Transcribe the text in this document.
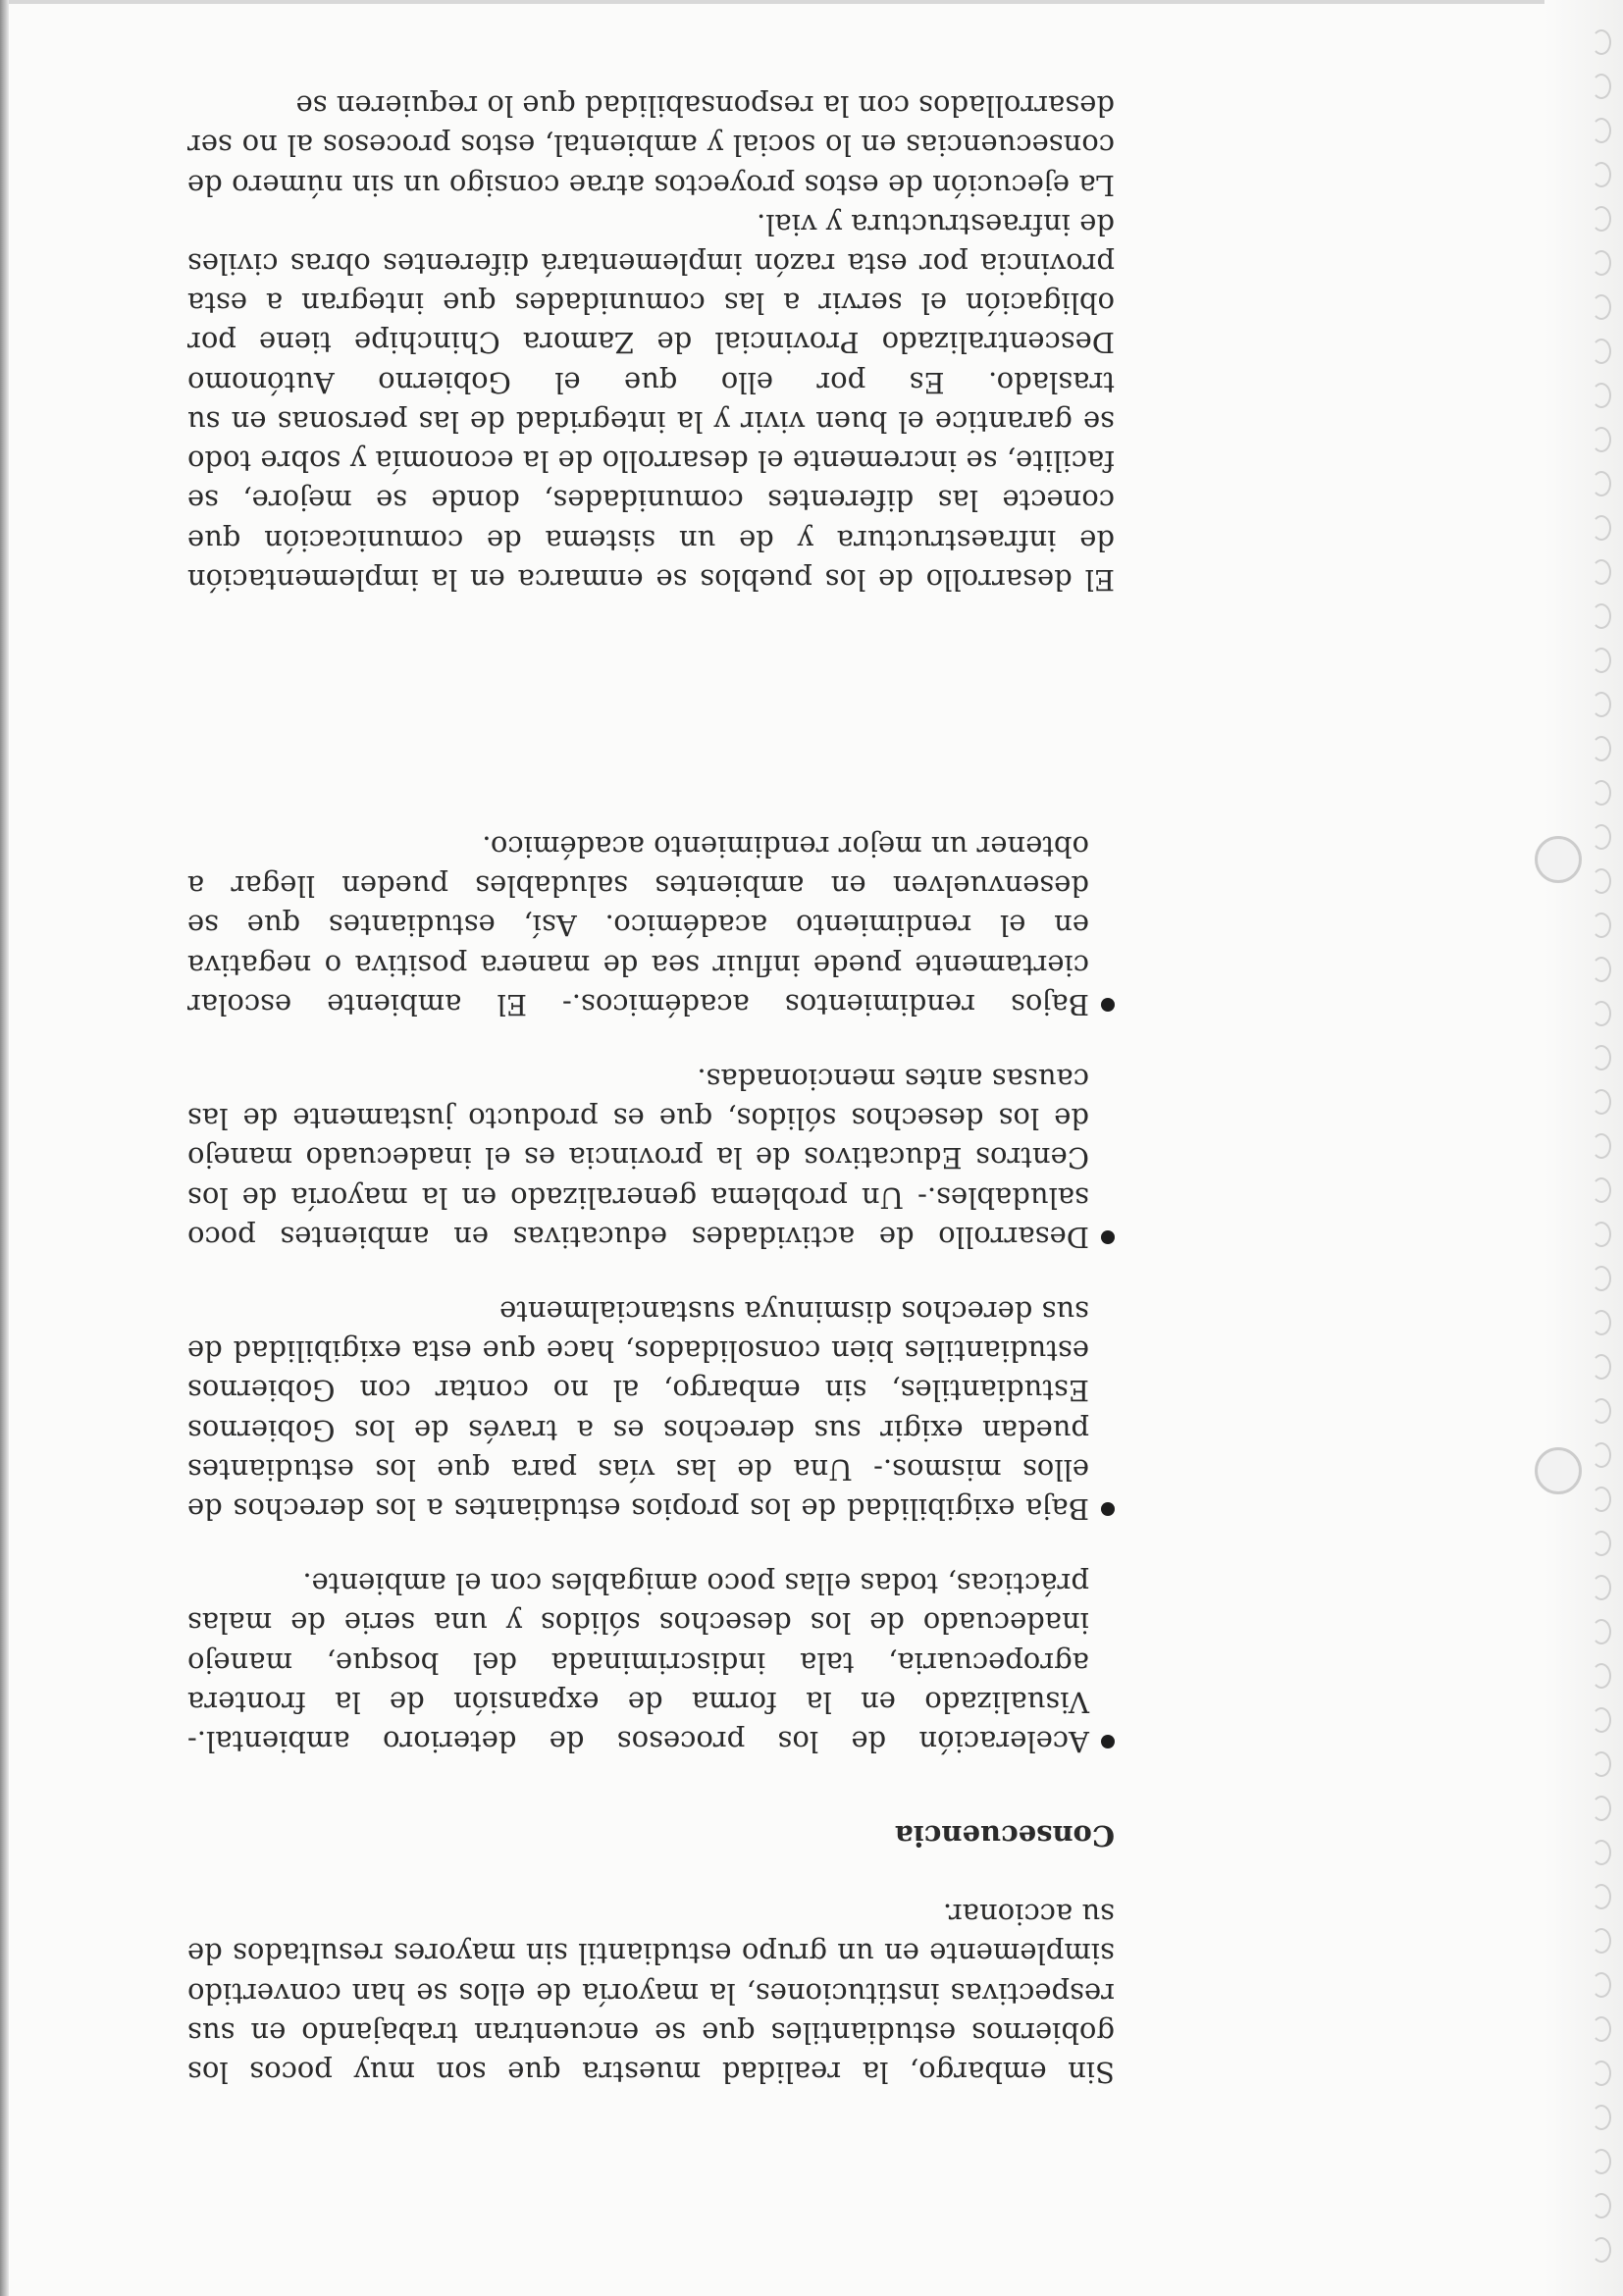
Sin embargo, la realidad muestra que son muy pocos los gobiernos estudiantiles que se encuentran trabajando en sus respectivas instituciones, la mayoría de ellos se han convertido simplemente en un grupo estudiantil sin mayores resultados de su accionar.

Consecuencia

Aceleración de los procesos de deterioro ambiental.- Visualizado en la forma de expansión de la frontera agropecuaria, tala indiscriminada del bosque, manejo inadecuado de los desechos sólidos y una serie de malas prácticas, todas ellas poco amigables con el ambiente.

Baja exigibilidad de los propios estudiantes a los derechos de ellos mismos.- Una de las vías para que los estudiantes puedan exigir sus derechos es a través de los Gobiernos Estudiantiles, sin embargo, al no contar con Gobiernos estudiantiles bien consolidados, hace que esta exigibilidad de sus derechos disminuya sustancialmente

Desarrollo de actividades educativas en ambientes poco saludables.- Un problema generalizado en la mayoría de los Centros Educativos de la provincia es el inadecuado manejo de los desechos sólidos, que es producto justamente de las causas antes mencionadas.

Bajos rendimientos académicos.- El ambiente escolar ciertamente puede influir sea de manera positiva o negativa en el rendimiento académico. Así, estudiantes que se desenvuelven en ambientes saludables pueden llegar a obtener un mejor rendimiento académico.

El desarrollo de los pueblos se enmarca en la implementación de infraestructura y de un sistema de comunicación que conecte las diferentes comunidades, donde se mejore, se facilite, se incremente el desarrollo de la economía y sobre todo se garantice el buen vivir y la integridad de las personas en su traslado. Es por ello que el Gobierno Autónomo Descentralizado Provincial de Zamora Chinchipe tiene por obligación el servir a las comunidades que integran a esta provincia por esta razón implementará diferentes obras civiles de infraestructura y vial.

La ejecución de estos proyectos atrae consigo un sin número de consecuencias en lo social y ambiental, estos procesos al no ser desarrollados con la responsabilidad que lo requieren se
